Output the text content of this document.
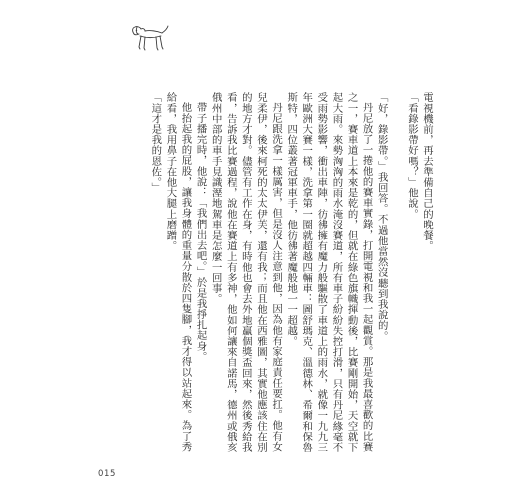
電視機前，再去準備自己的晚餐。

「看錄影帶好嗎？」他說。

「好，錄影帶。」我回答。不過他當然沒聽到我說的。

丹尼放了一捲他的賽車實錄，打開電視和我一起觀賞。那是我最喜歡的比賽之一，賽車道上本來是乾的，但就在綠色旗幟揮動後，比賽剛開始，天空就下起大雨。來勢洶洶的雨水淹沒賽道，所有車子紛紛失控打滑，只有丹尼緣毫不受雨勢影響，衝出車陣，彷彿擁有魔力般驅散了車道上的雨水，就像一九九三年歐洲大賽一樣，洗拿第一圈就超越四輛車：圖舒瑪克、溫德林、希爾和保魯斯特，四位叢著冠軍車手，他彷彿著魔般地一一超越。

丹尼跟洗拿一樣厲害，但是沒人注意到他，因為他有家庭責任要扛。他有女兒柔伊，後來柯死的太太伊芙，還有我；而且他在西雅圖，其實他應該住在別的地方才對。儘管有工作在身，有時他也會去外地贏個獎盃回來，然後秀給我看，告訴我比賽過程，說他在賽道上有多神，他如何讓來自諾馬，德州或俄亥俄州中部的車手見識溼地駕車是怎麼一回事。

帶子播完時，他說：「我們出去吧。」於是我掙扎起身。

他抬起我的屁股，讓我身體的重量分散於四隻腳，我才得以站起來。為了秀給看，我用鼻子在他大腿上磨蹭。

「這才是我的恩佐。」

015
